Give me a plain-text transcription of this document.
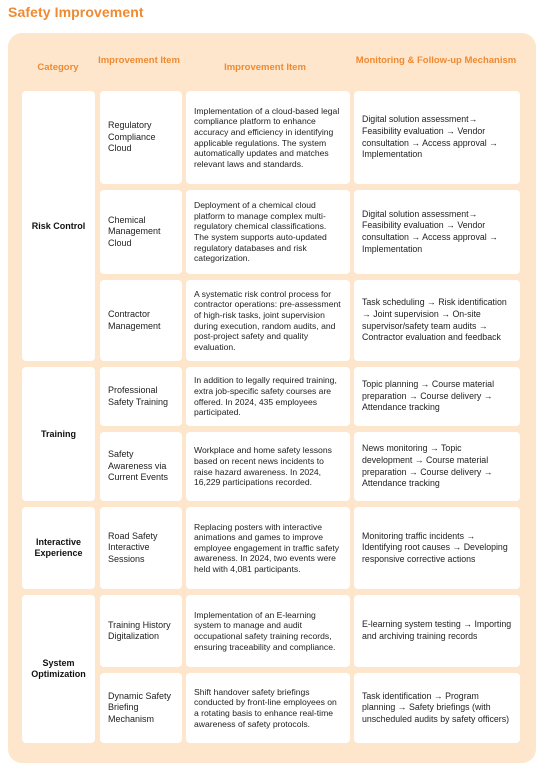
Safety Improvement
Category
Improvement Item
Improvement Item
Monitoring & Follow-up Mechanism
Risk Control
Training
Interactive Experience
System Optimization
Regulatory Compliance Cloud
Implementation of a cloud-based legal compliance platform to enhance accuracy and efficiency in identifying applicable regulations. The system automatically updates and matches relevant laws and standards.
Digital solution assessment→ Feasibility evaluation → Vendor consultation → Access approval → Implementation
Chemical Management Cloud
Deployment of a chemical cloud platform to manage complex multi-regulatory chemical classifications. The system supports auto-updated regulatory databases and risk categorization.
Digital solution assessment→ Feasibility evaluation → Vendor consultation → Access approval → Implementation
Contractor Management
A systematic risk control process for contractor operations: pre-assessment of high-risk tasks, joint supervision during execution, random audits, and post-project safety and quality evaluation.
Task scheduling → Risk identification → Joint supervision → On-site supervisor/safety team audits → Contractor evaluation and feedback
Professional Safety Training
In addition to legally required training, extra job-specific safety courses are offered. In 2024, 435 employees participated.
Topic planning → Course material preparation → Course delivery → Attendance tracking
Safety Awareness via Current Events
Workplace and home safety lessons based on recent news incidents to raise hazard awareness. In 2024, 16,229 participations recorded.
News monitoring → Topic development → Course material preparation → Course delivery → Attendance tracking
Road Safety Interactive Sessions
Replacing posters with interactive animations and games to improve employee engagement in traffic safety awareness. In 2024, two events were held with 4,081 participants.
Monitoring traffic incidents → Identifying root causes → Developing responsive corrective actions
Training History Digitalization
Implementation of an E-learning system to manage and audit occupational safety training records, ensuring traceability and compliance.
E-learning system testing → Importing and archiving training records
Dynamic Safety Briefing Mechanism
Shift handover safety briefings conducted by front-line employees on a rotating basis to enhance real-time awareness of safety protocols.
Task identification → Program planning → Safety briefings (with unscheduled audits by safety officers)
